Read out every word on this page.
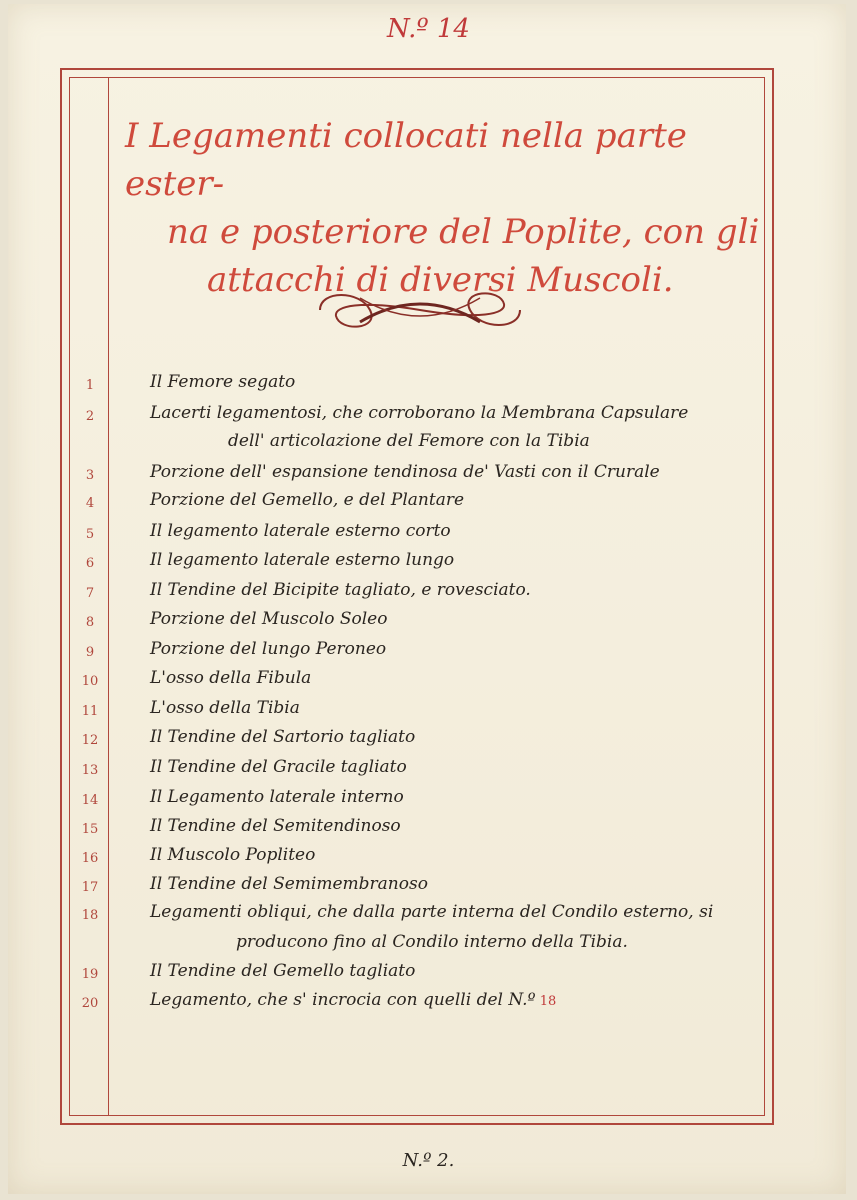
N.º 14
I Legamenti collocati nella parte ester-
na e posteriore del Poplite, con gli
attacchi di diversi Muscoli.
1	Il Femore segato
2	Lacerti legamentosi, che corroborano la Membrana Capsulare
dell' articolazione del Femore con la Tibia
3	Porzione dell' espansione tendinosa de' Vasti con il Crurale
4	Porzione del Gemello, e del Plantare
5	Il legamento laterale esterno corto
6	Il legamento laterale esterno lungo
7	Il Tendine del Bicipite tagliato, e rovesciato.
8	Porzione del Muscolo Soleo
9	Porzione del lungo Peroneo
10	L'osso della Fibula
11	L'osso della Tibia
12	Il Tendine del Sartorio tagliato
13	Il Tendine del Gracile tagliato
14	Il Legamento laterale interno
15	Il Tendine del Semitendinoso
16	Il Muscolo Popliteo
17	Il Tendine del Semimembranoso
18	Legamenti obliqui, che dalla parte interna del Condilo esterno, si
producono fino al Condilo interno della Tibia.
19	Il Tendine del Gemello tagliato
20	Legamento, che s' incrocia con quelli del N.º 18
N.º 2.
